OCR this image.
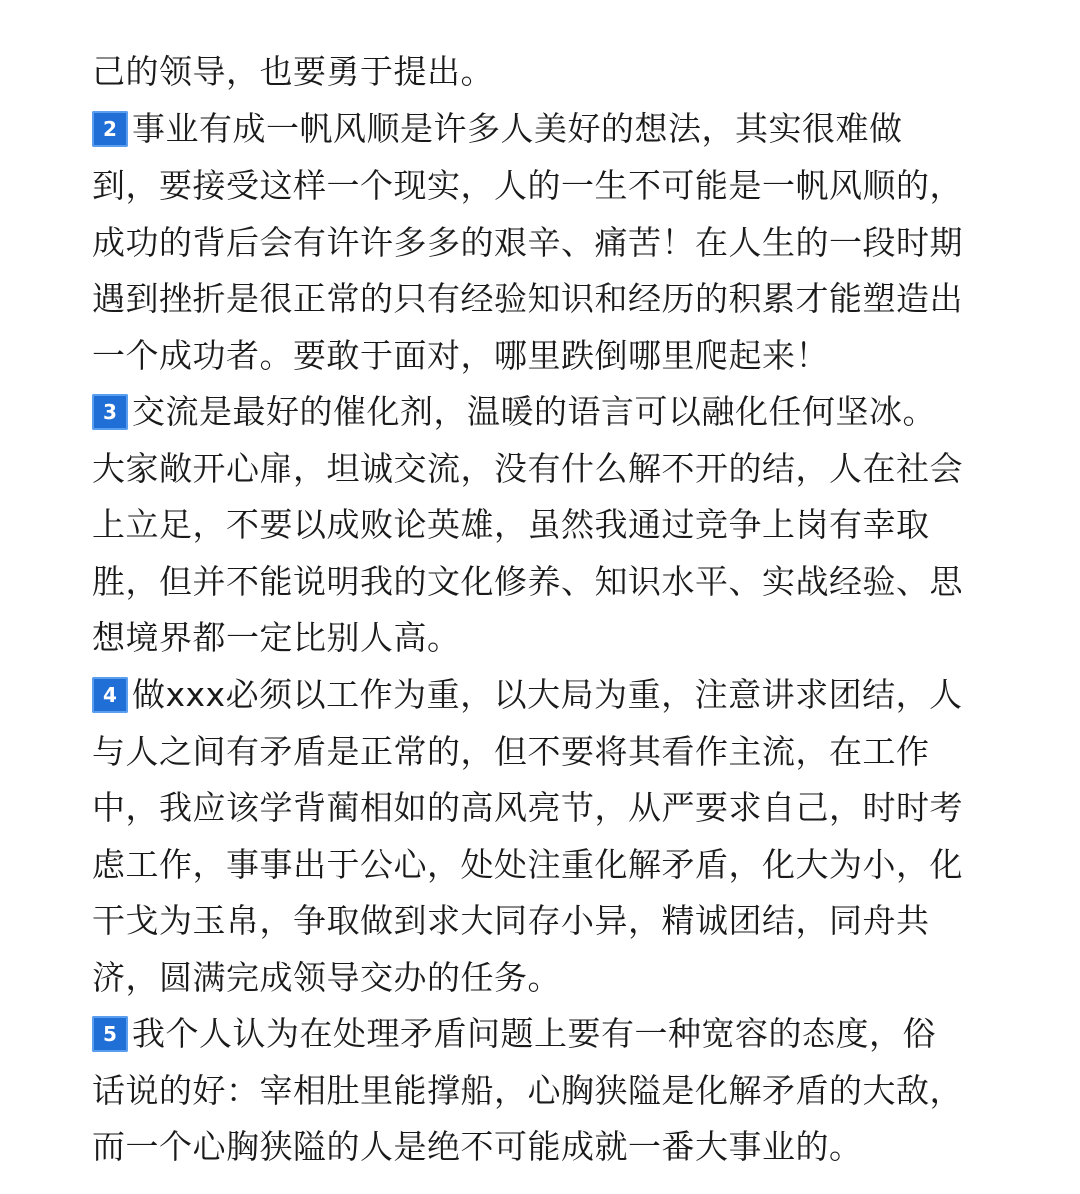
己的领导，也要勇于提出。
2 事业有成一帆风顺是许多人美好的想法，其实很难做
到，要接受这样一个现实，人的一生不可能是一帆风顺的，
成功的背后会有许许多多的艰辛、痛苦！在人生的一段时期
遇到挫折是很正常的只有经验知识和经历的积累才能塑造出
一个成功者。要敢于面对，哪里跌倒哪里爬起来！
3 交流是最好的催化剂，温暖的语言可以融化任何坚冰。
大家敞开心扉，坦诚交流，没有什么解不开的结，人在社会
上立足，不要以成败论英雄，虽然我通过竞争上岗有幸取
胜，但并不能说明我的文化修养、知识水平、实战经验、思
想境界都一定比别人高。
4 做xxx必须以工作为重，以大局为重，注意讲求团结，人
与人之间有矛盾是正常的，但不要将其看作主流，在工作
中，我应该学背蔺相如的高风亮节，从严要求自己，时时考
虑工作，事事出于公心，处处注重化解矛盾，化大为小，化
干戈为玉帛，争取做到求大同存小异，精诚团结，同舟共
济，圆满完成领导交办的任务。
5 我个人认为在处理矛盾问题上要有一种宽容的态度，俗
话说的好：宰相肚里能撑船，心胸狭隘是化解矛盾的大敌，
而一个心胸狭隘的人是绝不可能成就一番大事业的。
